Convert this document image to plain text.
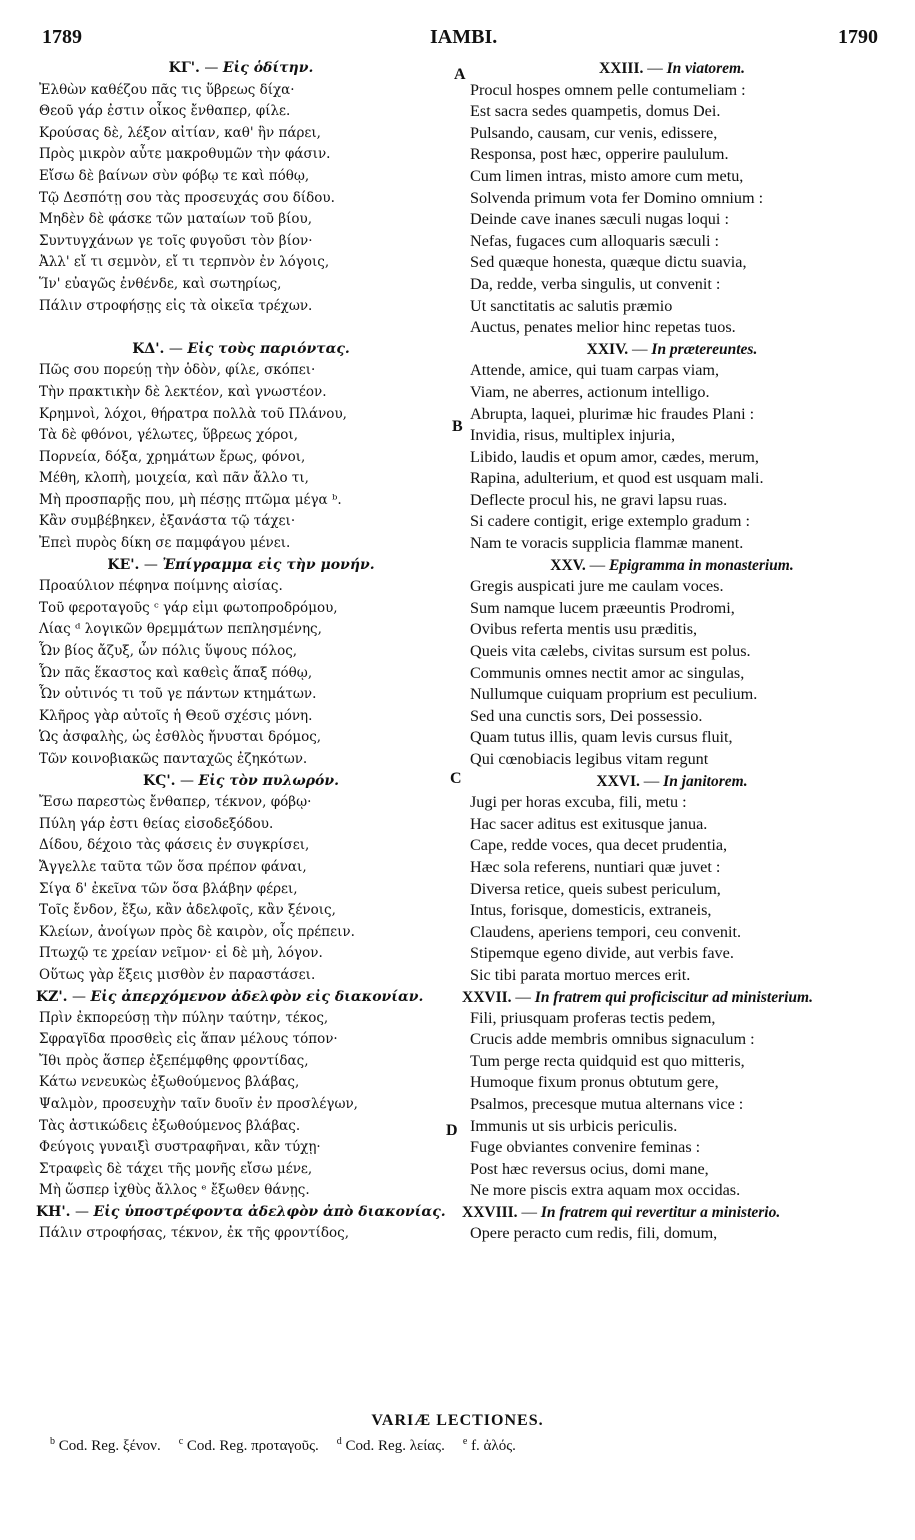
1789	IAMBI.	1790
A
B
C
D
ΚΓ'. — Εἰς ὁδίτην.
Ἐλθὼν καθέζου πᾶς τις ὕβρεως δίχα·
Θεοῦ γάρ ἐστιν οἶκος ἔνθαπερ, φίλε.
Κρούσας δὲ, λέξον αἰτίαν, καθ' ἣν πάρει,
Πρὸς μικρὸν αὖτε μακροθυμῶν τὴν φάσιν.
Εἴσω δὲ βαίνων σὺν φόβῳ τε καὶ πόθῳ,
Τῷ Δεσπότῃ σου τὰς προσευχάς σου δίδου.
Μηδὲν δὲ φάσκε τῶν ματαίων τοῦ βίου,
Συντυγχάνων γε τοῖς φυγοῦσι τὸν βίον·
Ἀλλ' εἴ τι σεμνὸν, εἴ τι τερπνὸν ἐν λόγοις,
Ἵν' εὐαγῶς ἐνθένδε, καὶ σωτηρίως,
Πάλιν στροφήσῃς εἰς τὰ οἰκεῖα τρέχων.
ΚΔ'. — Εἰς τοὺς παριόντας.
Πῶς σου πορεύῃ τὴν ὁδὸν, φίλε, σκόπει·
Τὴν πρακτικὴν δὲ λεκτέον, καὶ γνωστέον.
Κρημνοὶ, λόχοι, θήρατρα πολλὰ τοῦ Πλάνου,
Τὰ δὲ φθόνοι, γέλωτες, ὕβρεως χόροι,
Πορνεία, δόξα, χρημάτων ἔρως, φόνοι,
Μέθη, κλοπὴ, μοιχεία, καὶ πᾶν ἄλλο τι,
Μὴ προσπαρῇς που, μὴ πέσῃς πτῶμα μέγα ᵇ.
Κἂν συμβέβηκεν, ἐξανάστα τῷ τάχει·
Ἐπεὶ πυρὸς δίκη σε παμφάγου μένει.
ΚΕ'. — Ἐπίγραμμα εἰς τὴν μονήν.
Προαύλιον πέφηνα ποίμνης αἰσίας.
Τοῦ φεροταγοῦς ᶜ γάρ εἰμι φωτοπροδρόμου,
Λίας ᵈ λογικῶν θρεμμάτων πεπλησμένης,
Ὧν βίος ἄζυξ, ὧν πόλις ὕψους πόλος,
Ὧν πᾶς ἕκαστος καὶ καθεὶς ἅπαξ πόθῳ,
Ὧν οὐτινός τι τοῦ γε πάντων κτημάτων.
Κλῆρος γὰρ αὐτοῖς ἡ Θεοῦ σχέσις μόνη.
Ὡς ἀσφαλὴς, ὡς ἐσθλὸς ἤνυσται δρόμος,
Τῶν κοινοβιακῶς πανταχῶς ἐζηκότων.
ΚϚ'. — Εἰς τὸν πυλωρόν.
Ἔσω παρεστὼς ἔνθαπερ, τέκνον, φόβῳ·
Πύλη γάρ ἐστι θείας εἰσοδεξόδου.
Δίδου, δέχοιο τὰς φάσεις ἐν συγκρίσει,
Ἄγγελλε ταῦτα τῶν ὅσα πρέπον φάναι,
Σίγα δ' ἐκεῖνα τῶν ὅσα βλάβην φέρει,
Τοῖς ἔνδον, ἔξω, κἂν ἀδελφοῖς, κἂν ξένοις,
Κλείων, ἀνοίγων πρὸς δὲ καιρὸν, οἷς πρέπειν.
Πτωχῷ τε χρείαν νεῖμον· εἰ δὲ μὴ, λόγον.
Οὕτως γὰρ ἕξεις μισθὸν ἐν παραστάσει.
ΚΖ'. — Εἰς ἀπερχόμενον ἀδελφὸν εἰς διακονίαν.
Πρὶν ἐκπορεύσῃ τὴν πύλην ταύτην, τέκος,
Σφραγῖδα προσθεὶς εἰς ἅπαν μέλους τόπον·
Ἴθι πρὸς ἅσπερ ἐξεπέμφθης φροντίδας,
Κάτω νενευκὼς ἐξωθούμενος βλάβας,
Ψαλμὸν, προσευχὴν ταῖν δυοῖν ἐν προσλέγων,
Τὰς ἀστικώδεις ἐξωθούμενος βλάβας.
Φεύγοις γυναιξὶ συστραφῆναι, κἂν τύχῃ·
Στραφεὶς δὲ τάχει τῆς μονῆς εἴσω μένε,
Μὴ ὥσπερ ἰχθὺς ἄλλος ᵉ ἔξωθεν θάνῃς.
ΚΗ'. — Εἰς ὑποστρέφοντα ἀδελφὸν ἀπὸ διακονίας.
Πάλιν στροφήσας, τέκνον, ἐκ τῆς φροντίδος,
XXIII. — In viatorem.
Procul hospes omnem pelle contumeliam :
Est sacra sedes quampetis, domus Dei.
Pulsando, causam, cur venis, edissere,
Responsa, post hæc, opperire paululum.
Cum limen intras, misto amore cum metu,
Solvenda primum vota fer Domino omnium :
Deinde cave inanes sæculi nugas loqui :
Nefas, fugaces cum alloquaris sæculi :
Sed quæque honesta, quæque dictu suavia,
Da, redde, verba singulis, ut convenit :
Ut sanctitatis ac salutis præmio
Auctus, penates melior hinc repetas tuos.
XXIV. — In prætereuntes.
Attende, amice, qui tuam carpas viam,
Viam, ne aberres, actionum intelligo.
Abrupta, laquei, plurimæ hic fraudes Plani :
Invidia, risus, multiplex injuria,
Libido, laudis et opum amor, cædes, merum,
Rapina, adulterium, et quod est usquam mali.
Deflecte procul his, ne gravi lapsu ruas.
Si cadere contigit, erige extemplo gradum :
Nam te voracis supplicia flammæ manent.
XXV. — Epigramma in monasterium.
Gregis auspicati jure me caulam voces.
Sum namque lucem præeuntis Prodromi,
Ovibus referta mentis usu præditis,
Queis vita cælebs, civitas sursum est polus.
Communis omnes nectit amor ac singulas,
Nullumque cuiquam proprium est peculium.
Sed una cunctis sors, Dei possessio.
Quam tutus illis, quam levis cursus fluit,
Qui cœnobiacis legibus vitam regunt
XXVI. — In janitorem.
Jugi per horas excuba, fili, metu :
Hac sacer aditus est exitusque janua.
Cape, redde voces, qua decet prudentia,
Hæc sola referens, nuntiari quæ juvet :
Diversa retice, queis subest periculum,
Intus, forisque, domesticis, extraneis,
Claudens, aperiens tempori, ceu convenit.
Stipemque egeno divide, aut verbis fave.
Sic tibi parata mortuo merces erit.
XXVII. — In fratrem qui proficiscitur ad ministerium.
Fili, priusquam proferas tectis pedem,
Crucis adde membris omnibus signaculum :
Tum perge recta quidquid est quo mitteris,
Humoque fixum pronus obtutum gere,
Psalmos, precesque mutua alternans vice :
Immunis ut sis urbicis periculis.
Fuge obviantes convenire feminas :
Post hæc reversus ocius, domi mane,
Ne more piscis extra aquam mox occidas.
XXVIII. — In fratrem qui revertitur a ministerio.
Opere peracto cum redis, fili, domum,
VARIÆ LECTIONES.
$^b$ Cod. Reg. ξένον. $^c$ Cod. Reg. προταγοῦς. $^d$ Cod. Reg. λείας. $^e$ f. ἀλός.
